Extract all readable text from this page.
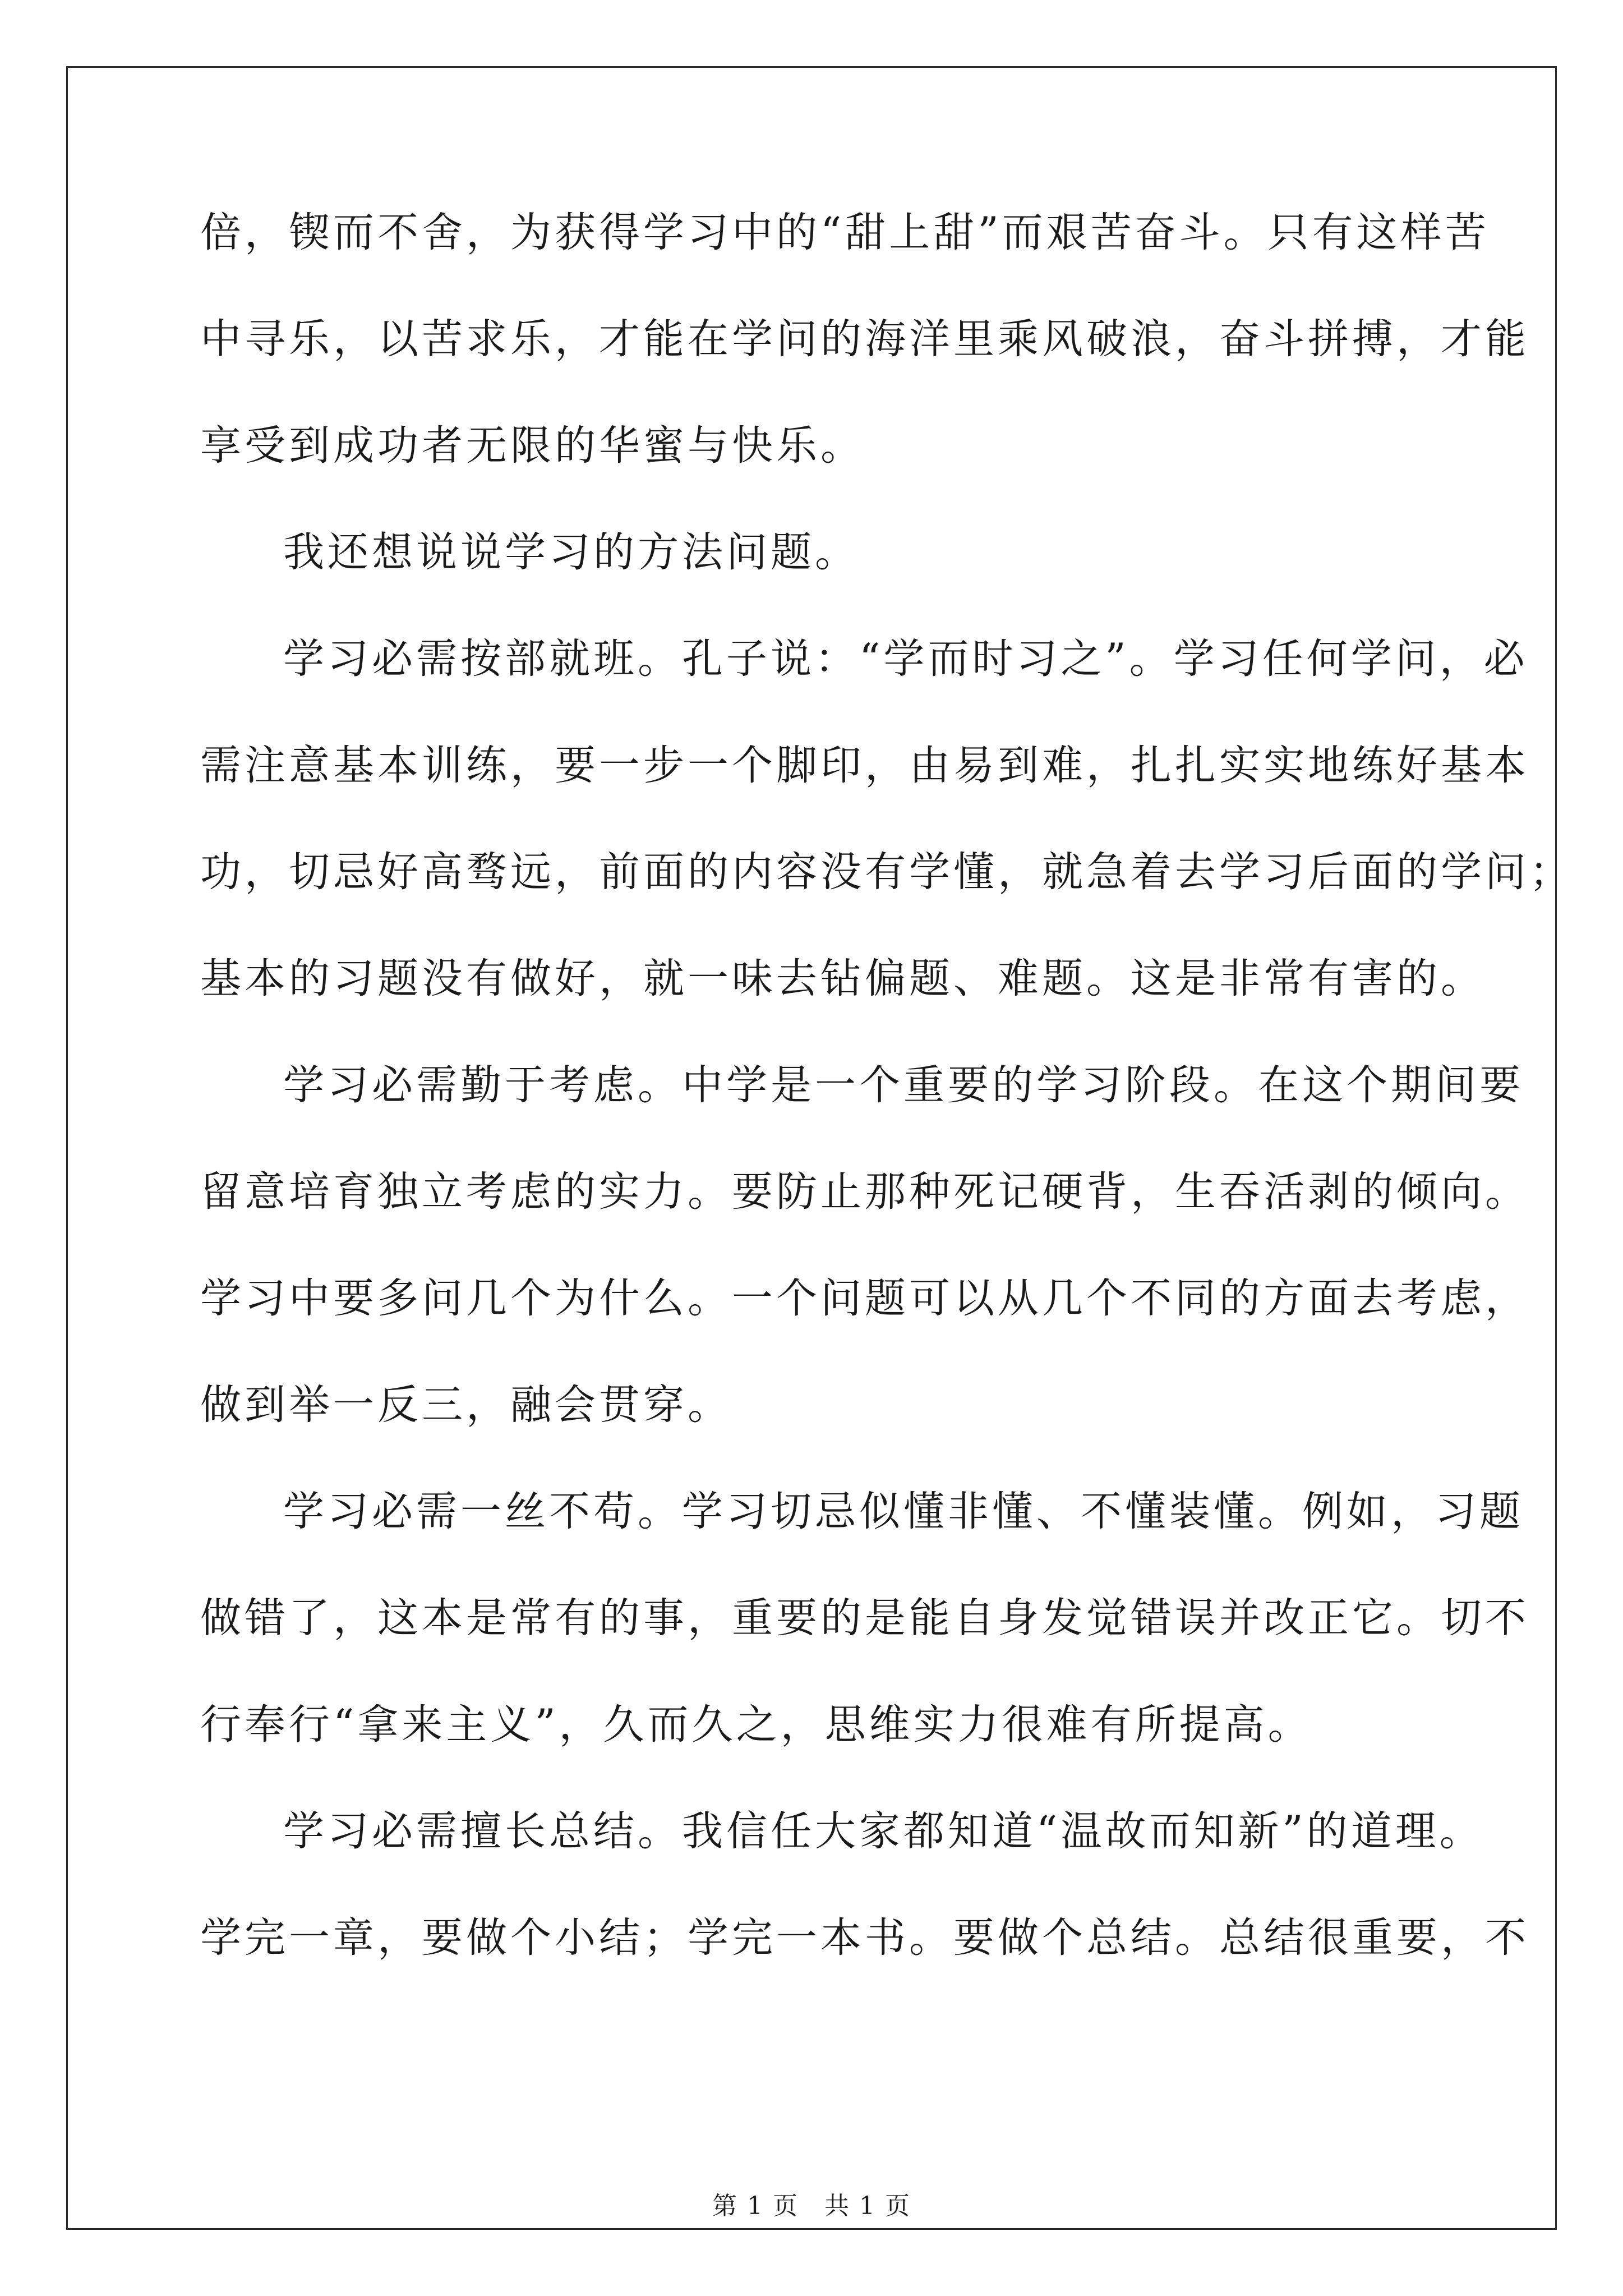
倍，锲而不舍，为获得学习中的“甜上甜”而艰苦奋斗。只有这样苦
中寻乐，以苦求乐，才能在学问的海洋里乘风破浪，奋斗拼搏，才能
享受到成功者无限的华蜜与快乐。
我还想说说学习的方法问题。
学习必需按部就班。孔子说：“学而时习之”。学习任何学问，必
需注意基本训练，要一步一个脚印，由易到难，扎扎实实地练好基本
功，切忌好高骛远，前面的内容没有学懂，就急着去学习后面的学问；
基本的习题没有做好，就一味去钻偏题、难题。这是非常有害的。
学习必需勤于考虑。中学是一个重要的学习阶段。在这个期间要
留意培育独立考虑的实力。要防止那种死记硬背，生吞活剥的倾向。
学习中要多问几个为什么。一个问题可以从几个不同的方面去考虑，
做到举一反三，融会贯穿。
学习必需一丝不苟。学习切忌似懂非懂、不懂装懂。例如，习题
做错了，这本是常有的事，重要的是能自身发觉错误并改正它。切不
行奉行“拿来主义”，久而久之，思维实力很难有所提高。
学习必需擅长总结。我信任大家都知道“温故而知新”的道理。
学完一章，要做个小结；学完一本书。要做个总结。总结很重要，不
第 1 页　共 1 页
